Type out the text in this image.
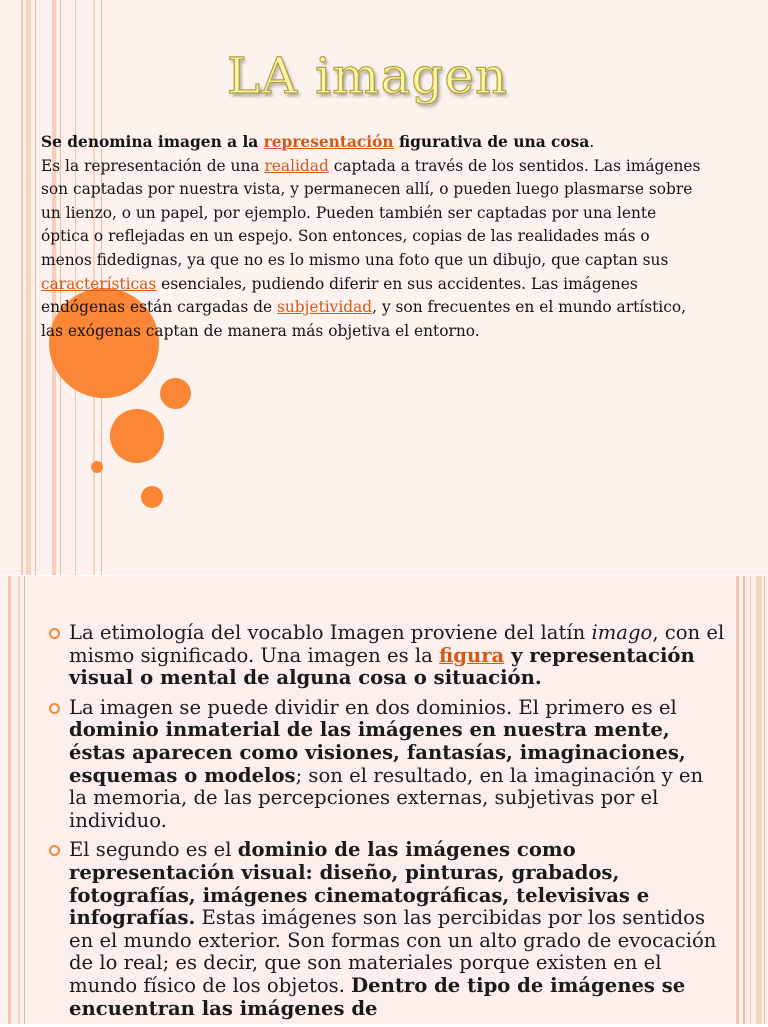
LA imagen
Se denomina imagen a la representación figurativa de una cosa.
Es la representación de una realidad captada a través de los sentidos. Las imágenes son captadas por nuestra vista, y permanecen allí, o pueden luego plasmarse sobre un lienzo, o un papel, por ejemplo. Pueden también ser captadas por una lente óptica o reflejadas en un espejo. Son entonces, copias de las realidades más o menos fidedignas, ya que no es lo mismo una foto que un dibujo, que captan sus características esenciales, pudiendo diferir en sus accidentes. Las imágenes endógenas están cargadas de subjetividad, y son frecuentes en el mundo artístico, las exógenas captan de manera más objetiva el entorno.
La etimología del vocablo Imagen proviene del latín imago, con el mismo significado. Una imagen es la figura y representación visual o mental de alguna cosa o situación.
La imagen se puede dividir en dos dominios. El primero es el dominio inmaterial de las imágenes en nuestra mente, éstas aparecen como visiones, fantasías, imaginaciones, esquemas o modelos; son el resultado, en la imaginación y en la memoria, de las percepciones externas, subjetivas por el individuo.
El segundo es el dominio de las imágenes como representación visual: diseño, pinturas, grabados, fotografías, imágenes cinematográficas, televisivas e infografías. Estas imágenes son las percibidas por los sentidos en el mundo exterior. Son formas con un alto grado de evocación de lo real; es decir, que son materiales porque existen en el mundo físico de los objetos. Dentro de tipo de imágenes se encuentran las imágenes de
